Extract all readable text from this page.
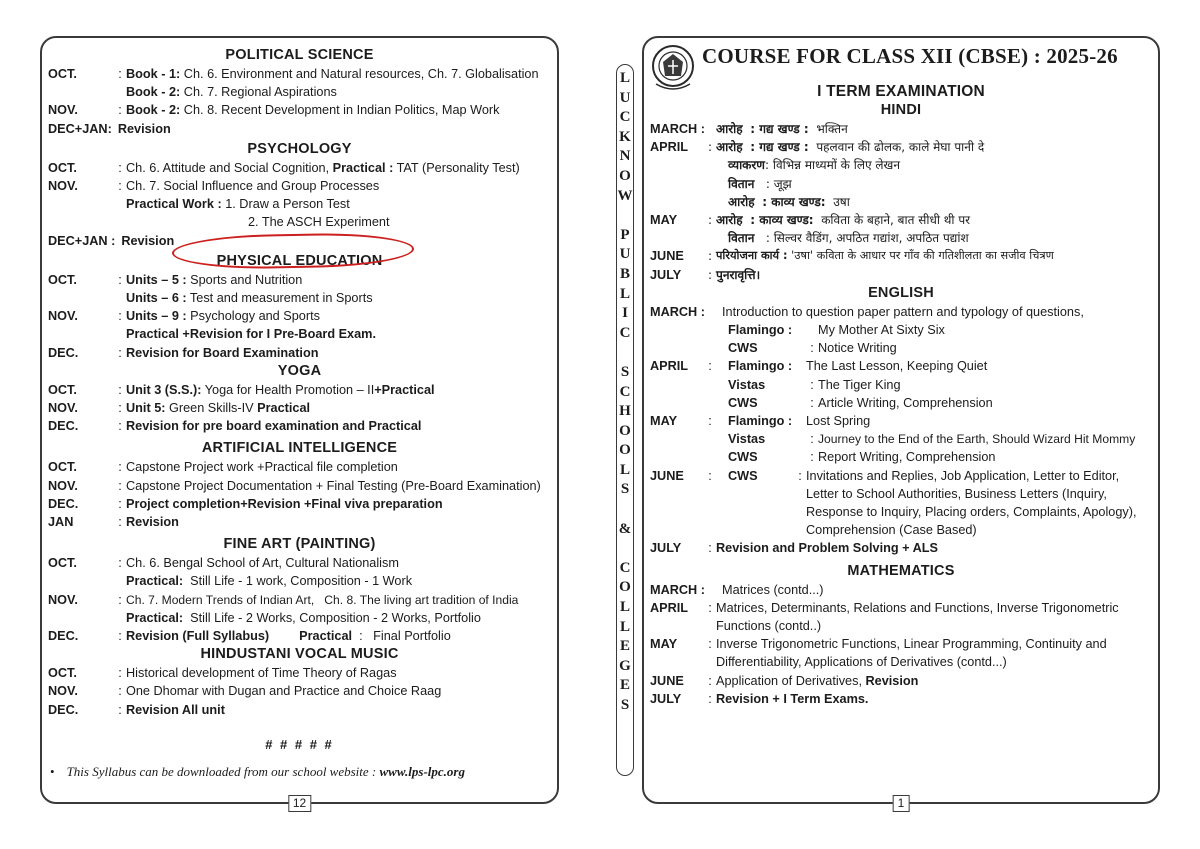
POLITICAL SCIENCE
OCT.	: Book - 1: Ch. 6. Environment and Natural resources, Ch. 7. Globalisation
Book - 2: Ch. 7. Regional Aspirations
NOV.	: Book - 2: Ch. 8. Recent Development in Indian Politics, Map Work
DEC+JAN: Revision
PSYCHOLOGY
OCT.	: Ch. 6. Attitude and Social Cognition, Practical : TAT (Personality Test)
NOV.	: Ch. 7. Social Influence and Group Processes
Practical Work : 1. Draw a Person Test
2. The ASCH Experiment
DEC+JAN : Revision
PHYSICAL EDUCATION
OCT.	: Units – 5 : Sports and Nutrition
Units – 6 : Test and measurement in Sports
NOV.	: Units – 9 : Psychology and Sports
Practical +Revision for I Pre-Board Exam.
DEC.	: Revision for Board Examination
YOGA
OCT.	: Unit 3 (S.S.): Yoga for Health Promotion – II+Practical
NOV.	: Unit 5: Green Skills-IV Practical
DEC.	: Revision for pre board examination and Practical
ARTIFICIAL INTELLIGENCE
OCT.	: Capstone Project work +Practical file completion
NOV.	: Capstone Project Documentation + Final Testing (Pre-Board Examination)
DEC.	: Project completion+Revision +Final viva preparation
JAN	: Revision
FINE ART (PAINTING)
OCT.	: Ch. 6. Bengal School of Art, Cultural Nationalism
Practical:  Still Life - 1 work, Composition - 1 Work
NOV.	: Ch. 7. Modern Trends of Indian Art,   Ch. 8. The living art tradition of India
Practical:  Still Life - 2 Works, Composition - 2 Works, Portfolio
DEC.	: Revision (Full Syllabus) Practical  :   Final Portfolio
HINDUSTANI VOCAL MUSIC
OCT.	: Historical development of Time Theory of Ragas
NOV.	: One Dhomar with Dugan and Practice and Choice Raag
DEC.	: Revision All unit
# # # # #
• This Syllabus can be downloaded from our school website : www.lps-lpc.org
12
L
U
C
K
N
O
W
P
U
B
L
I
C
S
C
H
O
O
L
S
&
C
O
L
L
E
G
E
S
COURSE FOR CLASS XII (CBSE) : 2025-26
I TERM EXAMINATION
HINDI
MARCH : आरोह : गद्य खण्ड : भक्तिन
APRIL	: आरोह : गद्य खण्ड : पहलवान की ढोलक, काले मेघा पानी दे
व्याकरण: विभिन्न माध्यमों के लिए लेखन
वितान : जूझ
आरोह : काव्य खण्ड: उषा
MAY	: आरोह : काव्य खण्ड: कविता के बहाने, बात सीधी थी पर
वितान : सिल्वर वैडिंग, अपठित गद्यांश, अपठित पद्यांश
JUNE	: परियोजना कार्य : 'उषा' कविता के आधार पर गाँव की गतिशीलता का सजीव चित्रण
JULY	: पुनरावृत्ति।
ENGLISH
MARCH :	Introduction to question paper pattern and typology of questions,
Flamingo :	My Mother At Sixty Six
CWS	: Notice Writing
APRIL	:	Flamingo :	The Last Lesson, Keeping Quiet
Vistas	: The Tiger King
CWS	: Article Writing, Comprehension
MAY	:	Flamingo :	Lost Spring
Vistas	: Journey to the End of the Earth, Should Wizard Hit Mommy
CWS	: Report Writing, Comprehension
JUNE	:	CWS	: Invitations and Replies, Job Application, Letter to Editor, Letter to School Authorities, Business Letters (Inquiry, Response to Inquiry, Placing orders, Complaints, Apology), Comprehension (Case Based)
JULY	: Revision and Problem Solving + ALS
MATHEMATICS
MARCH :	Matrices (contd...)
APRIL	: Matrices, Determinants, Relations and Functions, Inverse Trigonometric Functions (contd..)
MAY	: Inverse Trigonometric Functions, Linear Programming, Continuity and Differentiability, Applications of Derivatives (contd...)
JUNE	: Application of Derivatives, Revision
JULY	: Revision + I Term Exams.
1
